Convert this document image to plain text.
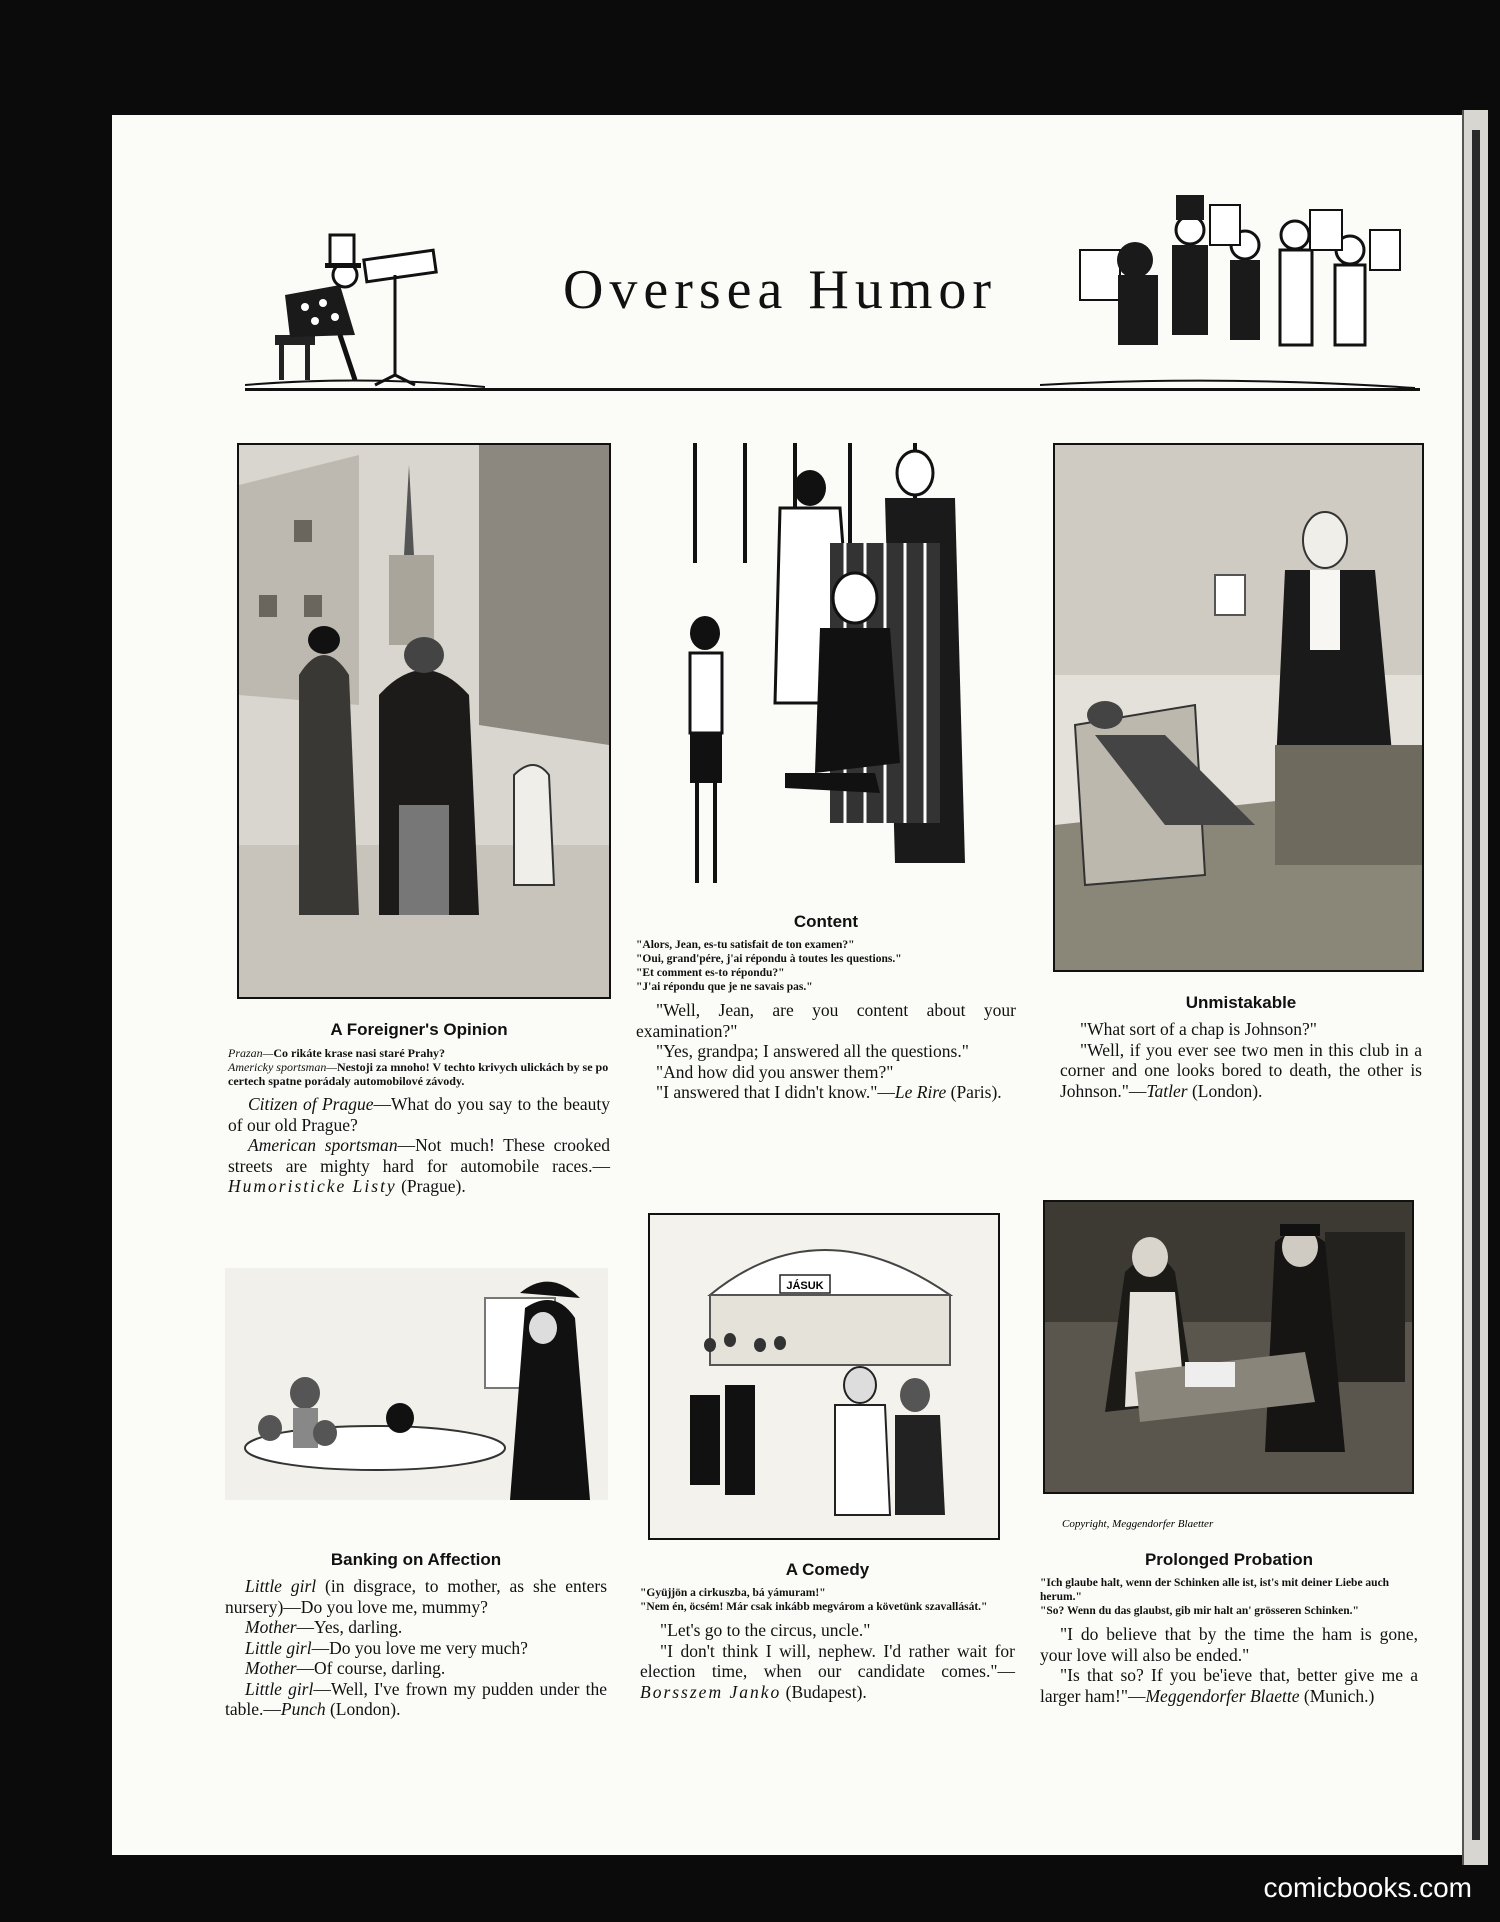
Oversea Humor
A Foreigner's Opinion

Prazan—Co rikáte krase nasi staré Prahy?

Americky sportsman—Nestoji za mnoho! V techto krivych ulickách by se po certech spatne porádaly automobilové závody.

Citizen of Prague—What do you say to the beauty of our old Prague?

American sportsman—Not much! These crooked streets are mighty hard for automobile races.—Humoristicke Listy (Prague).

Content

"Alors, Jean, es-tu satisfait de ton examen?"

"Oui, grand'pére, j'ai répondu à toutes les questions."

"Et comment es-to répondu?"

"J'ai répondu que je ne savais pas."

"Well, Jean, are you content about your examination?"

"Yes, grandpa; I answered all the questions."

"And how did you answer them?"

"I answered that I didn't know."—Le Rire (Paris).

Unmistakable

"What sort of a chap is Johnson?"

"Well, if you ever see two men in this club in a corner and one looks bored to death, the other is Johnson."—Tatler (London).

Banking on Affection

Little girl (in disgrace, to mother, as she enters nursery)—Do you love me, mummy?

Mother—Yes, darling.

Little girl—Do you love me very much?

Mother—Of course, darling.

Little girl—Well, I've frown my pudden under the table.—Punch (London).

JÁSUK
A Comedy

"Gyüjjön a cirkuszba, bá yámuram!"

"Nem én, öcsém! Már csak inkább megvárom a követünk szavallását."

"Let's go to the circus, uncle."

"I don't think I will, nephew. I'd rather wait for election time, when our candidate comes."—Borsszem Janko (Budapest).

Copyright, Meggendorfer Blaetter
Prolonged Probation

"Ich glaube halt, wenn der Schinken alle ist, ist's mit deiner Liebe auch herum."

"So? Wenn du das glaubst, gib mir halt an' grösseren Schinken."

"I do believe that by the time the ham is gone, your love will also be ended."

"Is that so? If you be'ieve that, better give me a larger ham!"—Meggendorfer Blaette (Munich.)

comicbooks.com
